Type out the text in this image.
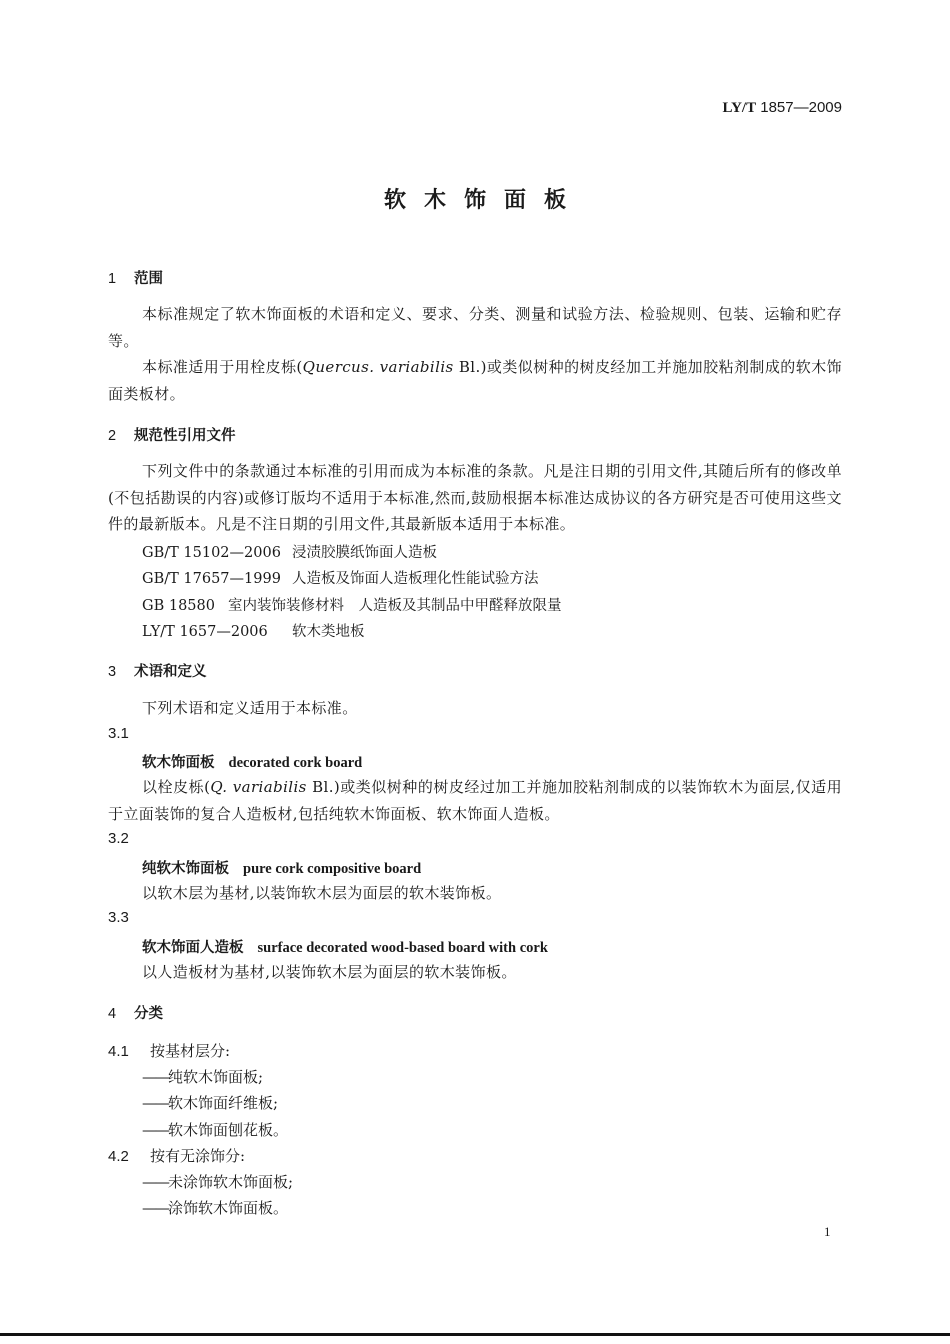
LY/T 1857—2009
软木饰面板
1 范围

本标准规定了软木饰面板的术语和定义、要求、分类、测量和试验方法、检验规则、包装、运输和贮存等。

本标准适用于用栓皮栎(Quercus. variabilis Bl.)或类似树种的树皮经加工并施加胶粘剂制成的软木饰面类板材。

2 规范性引用文件

下列文件中的条款通过本标准的引用而成为本标准的条款。凡是注日期的引用文件,其随后所有的修改单(不包括勘误的内容)或修订版均不适用于本标准,然而,鼓励根据本标准达成协议的各方研究是否可使用这些文件的最新版本。凡是不注日期的引用文件,其最新版本适用于本标准。

GB/T 15102—2006 浸渍胶膜纸饰面人造板
GB/T 17657—1999 人造板及饰面人造板理化性能试验方法
GB 18580 室内装饰装修材料　人造板及其制品中甲醛释放限量
LY/T 1657—2006 软木类地板
3 术语和定义
下列术语和定义适用于本标准。
3.1
软木饰面板 decorated cork board

以栓皮栎(Q. variabilis Bl.)或类似树种的树皮经过加工并施加胶粘剂制成的以装饰软木为面层,仅适用于立面装饰的复合人造板材,包括纯软木饰面板、软木饰面人造板。

3.2
纯软木饰面板 pure cork compositive board
以软木层为基材,以装饰软木层为面层的软木装饰板。
3.3
软木饰面人造板 surface decorated wood-based board with cork
以人造板材为基材,以装饰软木层为面层的软木装饰板。
4 分类
4.1 按基材层分:
——纯软木饰面板;
——软木饰面纤维板;
——软木饰面刨花板。
4.2 按有无涂饰分:
——未涂饰软木饰面板;
——涂饰软木饰面板。
1
